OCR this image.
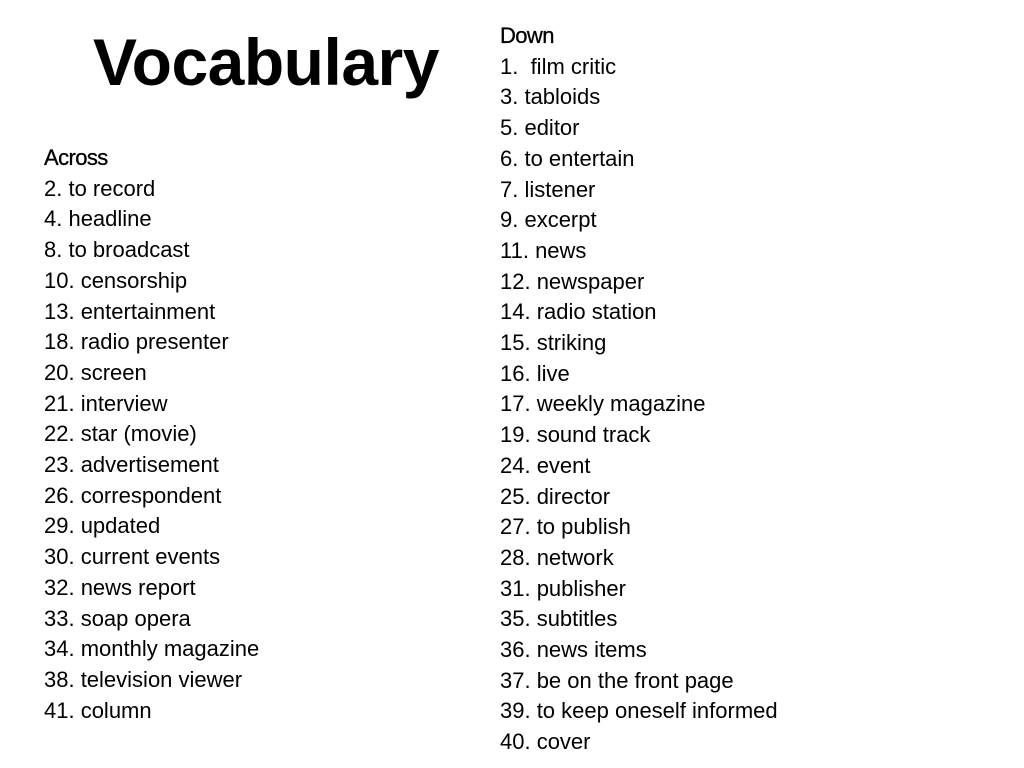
Vocabulary
Across
2. to record
4. headline
8. to broadcast
10. censorship
13. entertainment
18. radio presenter
20. screen
21. interview
22. star (movie)
23. advertisement
26. correspondent
29. updated
30. current events
32. news report
33. soap opera
34. monthly magazine
38. television viewer
41. column
Down
1.  film critic
3. tabloids
5. editor
6. to entertain
7. listener
9. excerpt
11. news
12. newspaper
14. radio station
15. striking
16. live
17. weekly magazine
19. sound track
24. event
25. director
27. to publish
28. network
31. publisher
35. subtitles
36. news items
37. be on the front page
39. to keep oneself informed
40. cover
